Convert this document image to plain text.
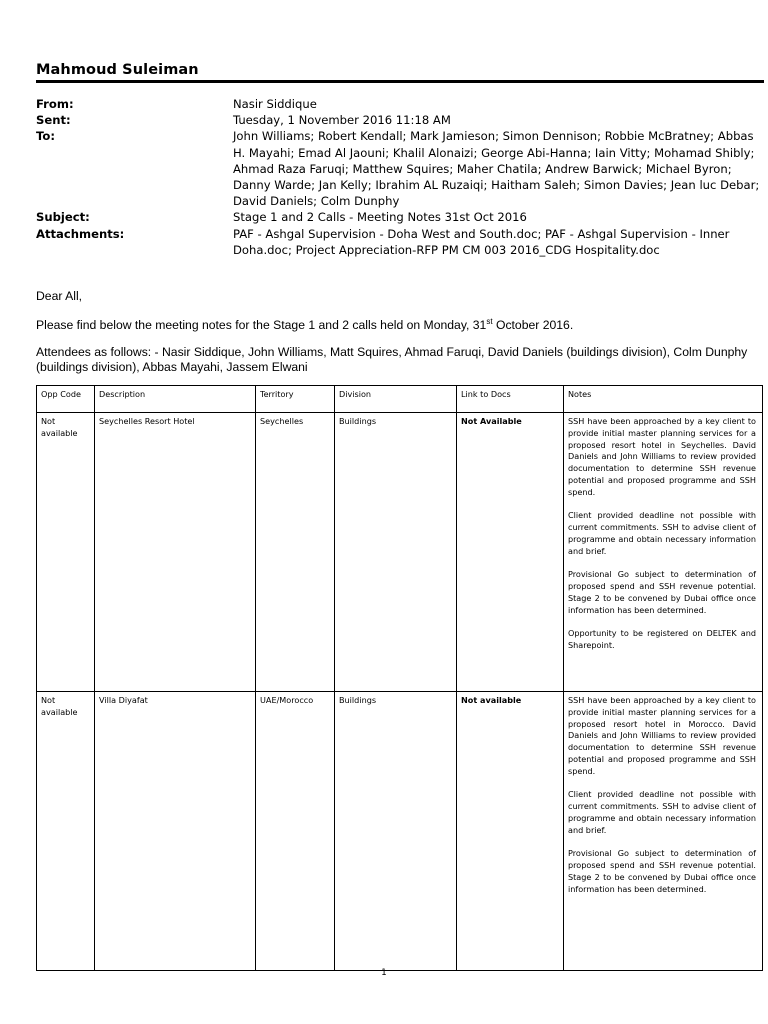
Mahmoud Suleiman
From:	Nasir Siddique
Sent:	Tuesday, 1 November 2016 11:18 AM
To:	John Williams; Robert Kendall; Mark Jamieson; Simon Dennison; Robbie McBratney; Abbas H. Mayahi; Emad Al Jaouni; Khalil Alonaizi; George Abi-Hanna; Iain Vitty; Mohamad Shibly; Ahmad Raza Faruqi; Matthew Squires; Maher Chatila; Andrew Barwick; Michael Byron; Danny Warde; Jan Kelly; Ibrahim AL Ruzaiqi; Haitham Saleh; Simon Davies; Jean luc Debar; David Daniels; Colm Dunphy
Subject:	Stage 1 and 2 Calls - Meeting Notes 31st Oct 2016
Attachments:	PAF - Ashgal Supervision - Doha West and South.doc; PAF - Ashgal Supervision - Inner Doha.doc; Project Appreciation-RFP PM CM 003 2016_CDG Hospitality.doc
Dear All,
Please find below the meeting notes for the Stage 1 and 2 calls held on Monday, 31st October 2016.
Attendees as follows: - Nasir Siddique, John Williams, Matt Squires, Ahmad Faruqi, David Daniels (buildings division), Colm Dunphy (buildings division), Abbas Mayahi, Jassem Elwani
Opp Code	Description	Territory	Division	Link to Docs	Notes
Not available	Seychelles Resort Hotel	Seychelles	Buildings	Not Available	SSH have been approached by a key client to provide initial master planning services for a proposed resort hotel in Seychelles. David Daniels and John Williams to review provided documentation to determine SSH revenue potential and proposed programme and SSH spend.

Client provided deadline not possible with current commitments. SSH to advise client of programme and obtain necessary information and brief.

Provisional Go subject to determination of proposed spend and SSH revenue potential. Stage 2 to be convened by Dubai office once information has been determined.

Opportunity to be registered on DELTEK and Sharepoint.

Not available	Villa Diyafat	UAE/Morocco	Buildings	Not available	SSH have been approached by a key client to provide initial master planning services for a proposed resort hotel in Morocco. David Daniels and John Williams to review provided documentation to determine SSH revenue potential and proposed programme and SSH spend.

Client provided deadline not possible with current commitments. SSH to advise client of programme and obtain necessary information and brief.

Provisional Go subject to determination of proposed spend and SSH revenue potential. Stage 2 to be convened by Dubai office once information has been determined.

1
